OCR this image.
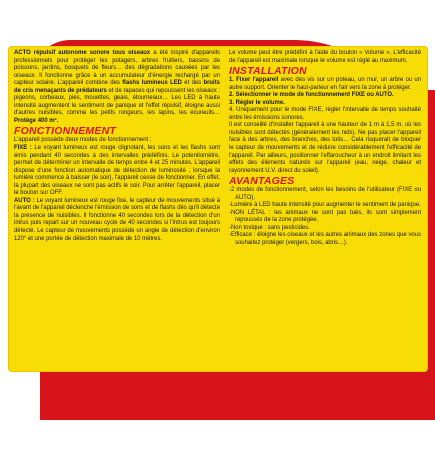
ACTO répulsif autonome sonore tous oiseaux a été inspiré d'appareils professionnels pour protéger les potagers, arbres fruitiers, bassins de poissons, jardins, bosquets de fleurs… des dégradations causées par les oiseaux. Il fonctionne grâce à un accumulateur d'énergie rechargé par un capteur solaire. L'appareil combine des flashs lumineux LED et des bruits de cris menaçants de prédateurs et de rapaces qui repoussent les oiseaux : pigeons, corbeaux, pies, mouettes, geais, étourneaux… Les LED à haute intensité augmentent le sentiment de panique et l'effet répulsif, éloigne aussi d'autres nuisibles, comme les petits rongeurs, les lapins, les écureuils… Protège 400 m².

FONCTIONNEMENT

L'appareil possède deux modes de fonctionnement :

FIXE : Le voyant lumineux est rouge clignotant, les sons et les flashs sont émis pendant 40 secondes à des intervalles prédéfinis. Le potentiomètre, permet de déterminer un intervalle de temps entre 4 et 25 minutes. L'appareil dispose d'une fonction automatique de détection de luminosité ; lorsque la lumière commence à baisser (le soir), l'appareil cesse de fonctionner. En effet, la plupart des oiseaux ne sont pas actifs le soir. Pour arrêter l'appareil, placer le bouton sur OFF.

AUTO : Le voyant lumineux est rouge fixe, le capteur de mouvements situé à l'avant de l'appareil déclenche l'émission de sons et de flashs dès qu'il détecte la présence de nuisibles. Il fonctionne 40 secondes lors de la détection d'un intrus puis repart sur un nouveau cycle de 40 secondes si l'intrus est toujours détecté. Le capteur de mouvements possède un angle de détection d'environ 120° et une portée de détection maximale de 10 mètres.

Le volume peut être prédéfini à l'aide du bouton « Volume ». L'efficacité de l'appareil est maximale lorsque le volume est réglé au maximum.

INSTALLATION

1. Fixer l'appareil avec des vis sur un poteau, un mur, un arbre ou un autre support. Orienter le haut-parleur en l'air vers la zone à protéger.

2. Sélectionner le mode de fonctionnement FIXE ou AUTO.

3. Régler le volume.

4. Uniquement pour le mode FIXE, régler l'intervalle de temps souhaité entre les émissions sonores.

Il est conseillé d'installer l'appareil à une hauteur de 1 m à 1,5 m, où les nuisibles sont détectés (généralement les nids). Ne pas placer l'appareil face à des arbres, des branches, des toits… Cela risquerait de bloquer le capteur de mouvements et de réduire considérablement l'efficacité de l'appareil. Par ailleurs, positionner l'effaroucheur à un endroit limitant les effets des éléments naturels sur l'appareil (eau, neige, chaleur et rayonnement U.V. direct du soleil).

AVANTAGES

-2 modes de fonctionnement, selon les besoins de l'utilisateur (FIXE ou AUTO).

-Lumière à LED haute intensité pour augmenter le sentiment de panique.

-NON LÉTAL : les animaux ne sont pas tués, ils sont simplement repoussés de la zone protégée.

-Non toxique : sans pesticides.

-Efficace : éloigne les oiseaux et les autres animaux des zones que vous souhaitez protéger (vergers, bois, abris…).
